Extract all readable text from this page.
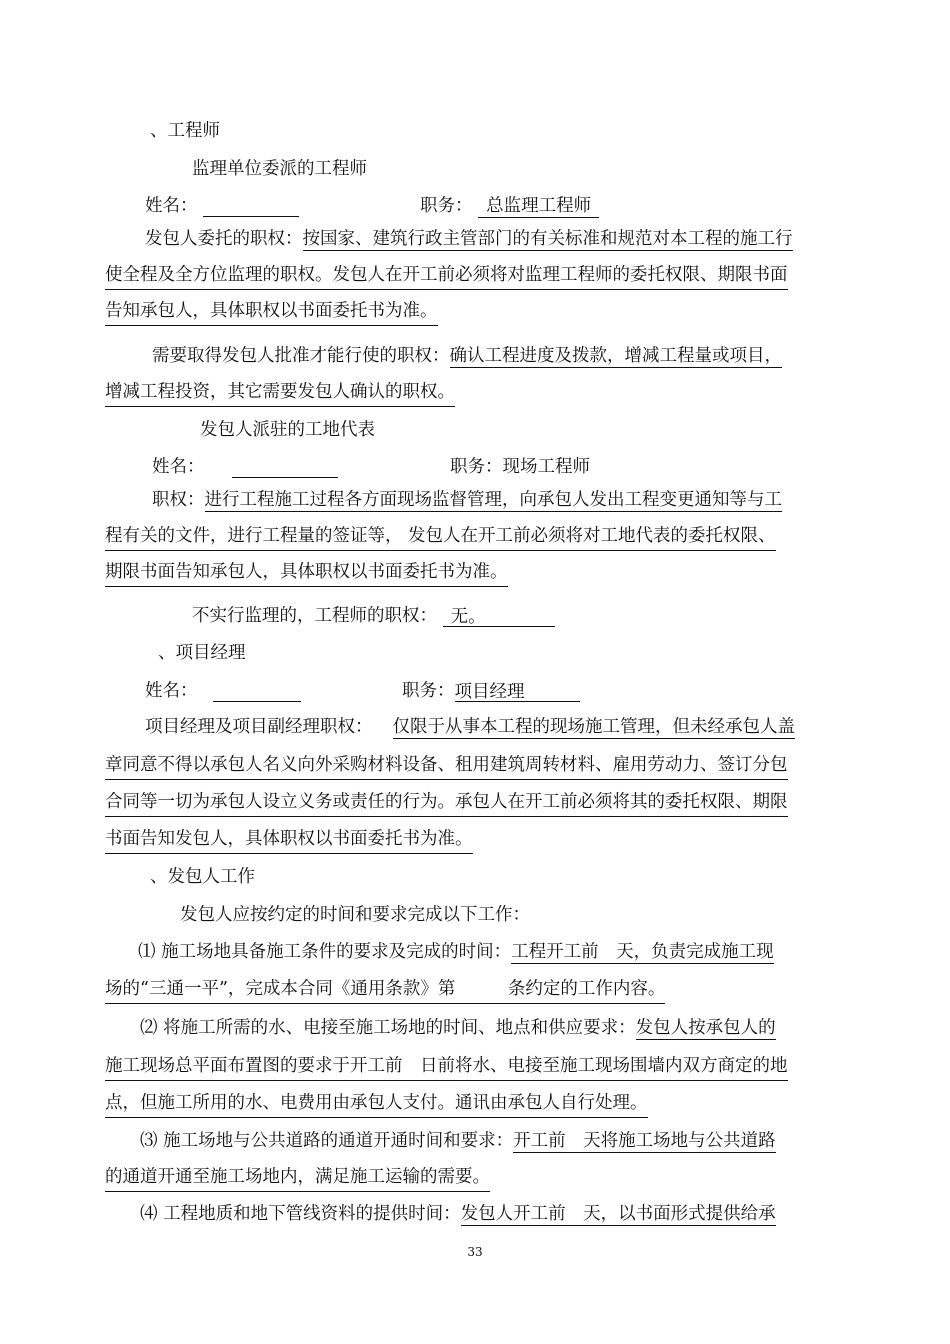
、工程师
监理单位委派的工程师
姓名：	职务： 总监理工程师
发包人委托的职权：按国家、建筑行政主管部门的有关标准和规范对本工程的施工行
使全程及全方位监理的职权。发包人在开工前必须将对监理工程师的委托权限、期限书面
告知承包人，具体职权以书面委托书为准。
需要取得发包人批准才能行使的职权：确认工程进度及拨款，增减工程量或项目，
增减工程投资，其它需要发包人确认的职权。
发包人派驻的工地代表
姓名：	职务：现场工程师
职权：进行工程施工过程各方面现场监督管理，向承包人发出工程变更通知等与工
程有关的文件，进行工程量的签证等， 发包人在开工前必须将对工地代表的委托权限、
期限书面告知承包人，具体职权以书面委托书为准。
不实行监理的，工程师的职权： 无。
、项目经理
姓名：	职务：项目经理
项目经理及项目副经理职权： 仅限于从事本工程的现场施工管理，但未经承包人盖
章同意不得以承包人名义向外采购材料设备、租用建筑周转材料、雇用劳动力、签订分包
合同等一切为承包人设立义务或责任的行为。承包人在开工前必须将其的委托权限、期限
书面告知发包人，具体职权以书面委托书为准。
、发包人工作
发包人应按约定的时间和要求完成以下工作：
⑴ 施工场地具备施工条件的要求及完成的时间：工程开工前　天，负责完成施工现
场的“三通一平”，完成本合同《通用条款》第　　　条约定的工作内容。
⑵ 将施工所需的水、电接至施工场地的时间、地点和供应要求：发包人按承包人的
施工现场总平面布置图的要求于开工前　日前将水、电接至施工现场围墙内双方商定的地
点，但施工所用的水、电费用由承包人支付。通讯由承包人自行处理。
⑶ 施工场地与公共道路的通道开通时间和要求：开工前　天将施工场地与公共道路
的通道开通至施工场地内，满足施工运输的需要。
⑷ 工程地质和地下管线资料的提供时间：发包人开工前　天，以书面形式提供给承
33
